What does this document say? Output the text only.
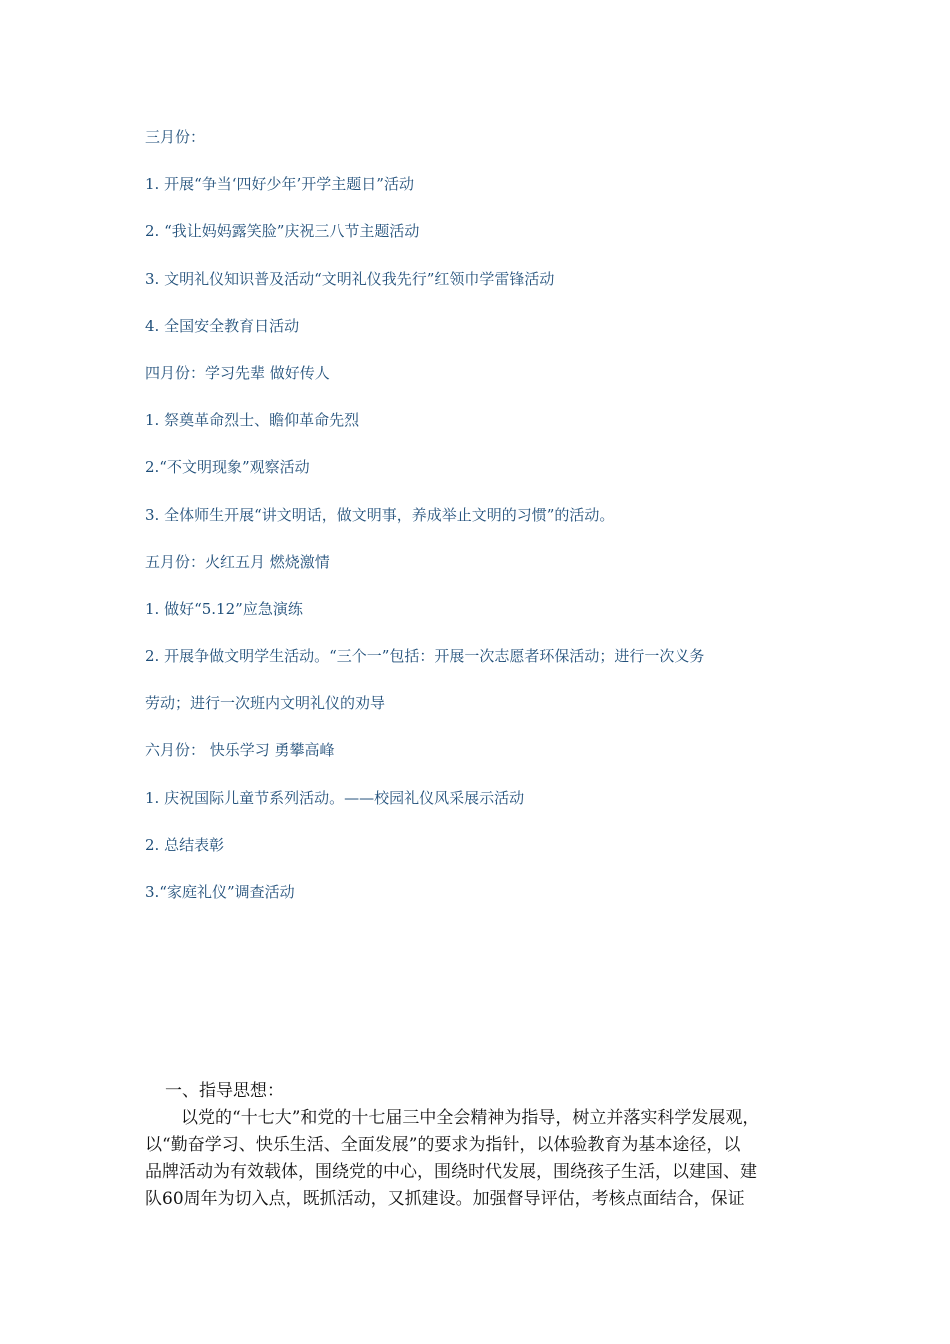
三月份：
1. 开展“争当‘四好少年’开学主题日”活动
2. “我让妈妈露笑脸”庆祝三八节主题活动
3. 文明礼仪知识普及活动“文明礼仪我先行”红领巾学雷锋活动
4. 全国安全教育日活动
四月份：学习先辈 做好传人
1. 祭奠革命烈士、瞻仰革命先烈
2.“不文明现象”观察活动
3. 全体师生开展“讲文明话，做文明事，养成举止文明的习惯”的活动。
五月份：火红五月 燃烧激情
1. 做好“5.12”应急演练
2. 开展争做文明学生活动。“三个一”包括：开展一次志愿者环保活动；进行一次义务
劳动；进行一次班内文明礼仪的劝导
六月份： 快乐学习 勇攀高峰
1. 庆祝国际儿童节系列活动。——校园礼仪风采展示活动
2. 总结表彰
3.“家庭礼仪”调查活动
一、指导思想：
以党的“十七大”和党的十七届三中全会精神为指导，树立并落实科学发展观，
以“勤奋学习、快乐生活、全面发展”的要求为指针，以体验教育为基本途径，以
品牌活动为有效载体，围绕党的中心，围绕时代发展，围绕孩子生活，以建国、建
队60周年为切入点，既抓活动，又抓建设。加强督导评估，考核点面结合，保证
